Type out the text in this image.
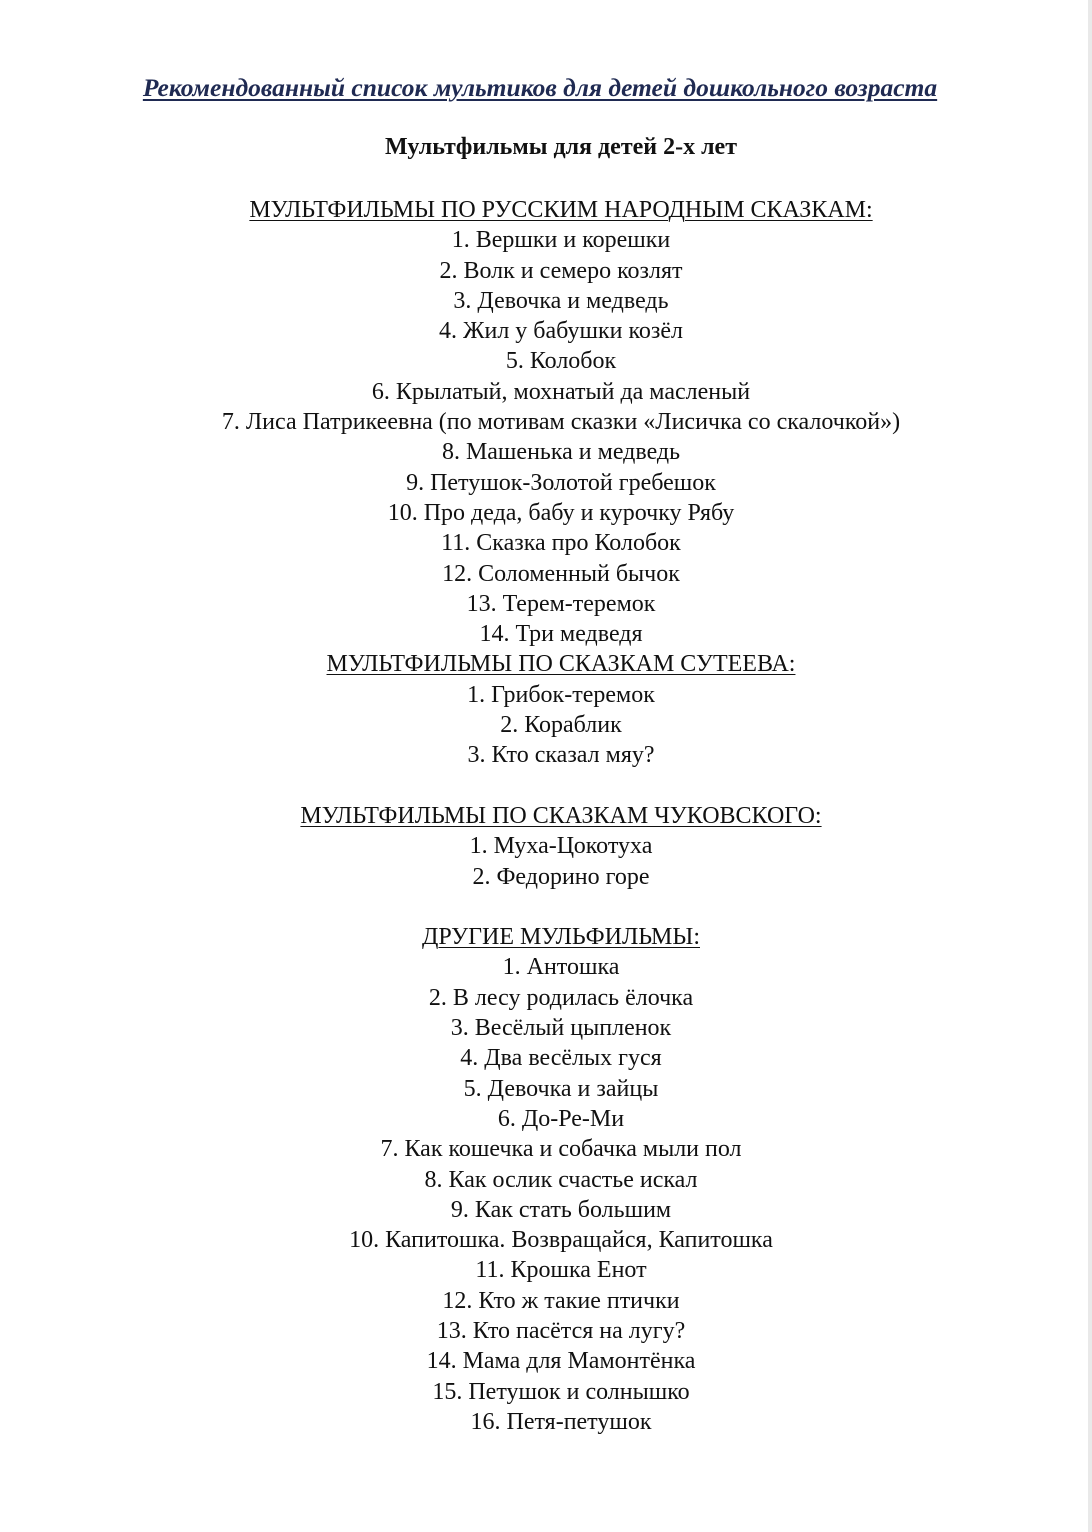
Рекомендованный список мультиков для детей дошкольного возраста
Мультфильмы для детей 2-х лет
МУЛЬТФИЛЬМЫ ПО РУССКИМ НАРОДНЫМ СКАЗКАМ:
1. Вершки и корешки
2. Волк и семеро козлят
3. Девочка и медведь
4. Жил у бабушки козёл
5. Колобок
6. Крылатый, мохнатый да масленый
7. Лиса Патрикеевна (по мотивам сказки «Лисичка со скалочкой»)
8. Машенька и медведь
9. Петушок-Золотой гребешок
10. Про деда, бабу и курочку Рябу
11. Сказка про Колобок
12. Соломенный бычок
13. Терем-теремок
14. Три медведя
МУЛЬТФИЛЬМЫ ПО СКАЗКАМ СУТЕЕВА:
1. Грибок-теремок
2. Кораблик
3. Кто сказал мяу?
МУЛЬТФИЛЬМЫ ПО СКАЗКАМ ЧУКОВСКОГО:
1. Муха-Цокотуха
2. Федорино горе
ДРУГИЕ МУЛЬФИЛЬМЫ:
1. Антошка
2. В лесу родилась ёлочка
3. Весёлый цыпленок
4. Два весёлых гуся
5. Девочка и зайцы
6. До-Ре-Ми
7. Как кошечка и собачка мыли пол
8. Как ослик счастье искал
9. Как стать большим
10. Капитошка. Возвращайся, Капитошка
11. Крошка Енот
12. Кто ж такие птички
13. Кто пасётся на лугу?
14. Мама для Мамонтёнка
15. Петушок и солнышко
16. Петя-петушок
